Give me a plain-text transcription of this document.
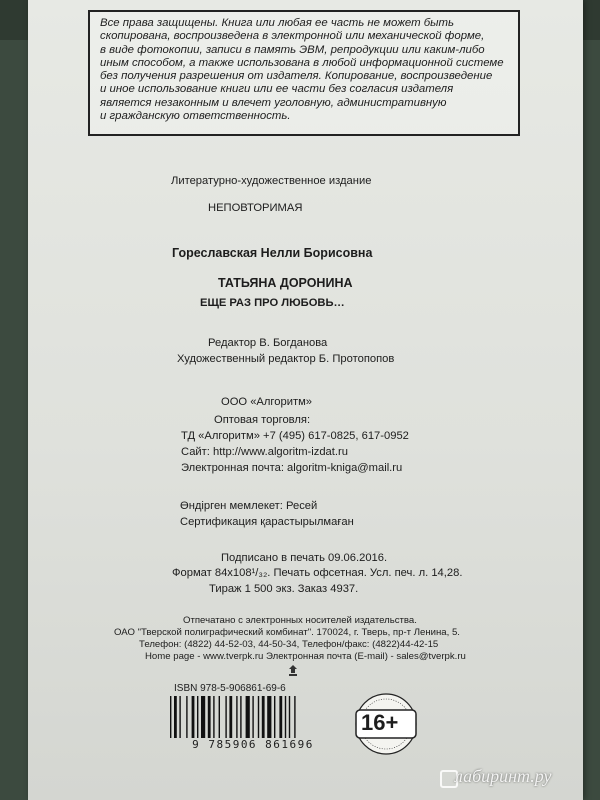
Все права защищены. Книга или любая ее часть не может быть
скопирована, воспроизведена в электронной или механической форме,
в виде фотокопии, записи в память ЭВМ, репродукции или каким-либо
иным способом, а также использована в любой информационной системе
без получения разрешения от издателя. Копирование, воспроизведение
и иное использование книги или ее части без согласия издателя
является незаконным и влечет уголовную, административную
и гражданскую ответственность.
Литературно-художественное издание
НЕПОВТОРИМАЯ
Гореславская Нелли Борисовна
ТАТЬЯНА ДОРОНИНА
ЕЩЕ РАЗ ПРО ЛЮБОВЬ…
Редактор В. Богданова
Художественный редактор Б. Протопопов
ООО «Алгоритм»
Оптовая торговля:
ТД «Алгоритм» +7 (495) 617-0825, 617-0952
Сайт: http://www.algoritm-izdat.ru
Электронная почта: algoritm-kniga@mail.ru
Өндірген мемлекет: Ресей
Сертификация қарастырылмаған
Подписано в печать 09.06.2016.
Формат 84x108¹/₃₂. Печать офсетная. Усл. печ. л. 14,28.
Тираж 1 500 экз. Заказ 4937.
Отпечатано с электронных носителей издательства.
ОАО "Тверской полиграфический комбинат". 170024, г. Тверь, пр-т Ленина, 5.
Телефон: (4822) 44-52-03, 44-50-34, Телефон/факс: (4822)44-42-15
Home page - www.tverpk.ru Электронная почта (E-mail) - sales@tverpk.ru
ISBN 978-5-906861-69-6
9 785906 861696
16+
лабиринт.ру
